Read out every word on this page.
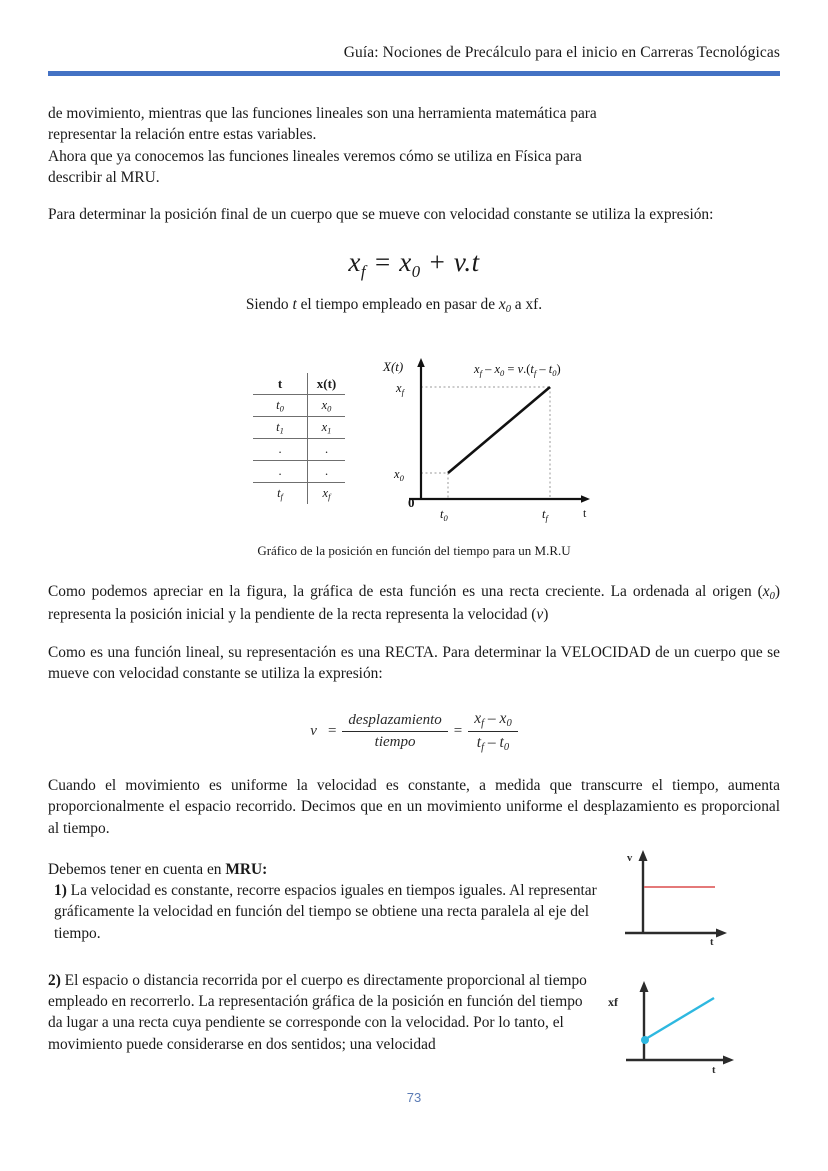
Guía: Nociones de Precálculo para el inicio en Carreras Tecnológicas

de movimiento, mientras que las funciones lineales son una herramienta matemática para
representar la relación entre estas variables.

Ahora que ya conocemos las funciones lineales veremos cómo se utiliza en Física para
describir al MRU.

Para determinar la posición final de un cuerpo que se mueve con velocidad constante se utiliza la expresión:

$x_f = x_0 + v.t$
Siendo t el tiempo empleado en pasar de $x_0$ a xf.
t	x(t)
$t_0$	$x_0$
$t_1$	$x_1$
.	.
.	.
$t_f$	$x_f$
X(t)
t
0
$x_f$
$x_0$
$t_0$	$t_f$
$x_f - x_0 = v.(t_f - t_0)$
Gráfico de la posición en función del tiempo para un M.R.U

Como podemos apreciar en la figura, la gráfica de esta función es una recta creciente. La ordenada al origen $(x_0)$ representa la posición inicial y la pendiente de la recta representa la velocidad (v)

Como es una función lineal, su representación es una RECTA. Para determinar la VELOCIDAD de un cuerpo que se mueve con velocidad constante se utiliza la expresión:

$v = \frac{\text{desplazamiento}}{\text{tiempo}} = \frac{x_f - x_0}{t_f - t_0}$

Cuando el movimiento es uniforme la velocidad es constante, a medida que transcurre el tiempo, aumenta proporcionalmente el espacio recorrido. Decimos que en un movimiento uniforme el desplazamiento es proporcional al tiempo.

v
t

Debemos tener en cuenta en MRU:

1) La velocidad es constante, recorre espacios iguales en tiempos iguales. Al representar gráficamente la velocidad en función del tiempo se obtiene una recta paralela al eje del tiempo.

xf
t

2) El espacio o distancia recorrida por el cuerpo es directamente proporcional al tiempo empleado en recorrerlo. La representación gráfica de la posición en función del tiempo da lugar a una recta cuya pendiente se corresponde con la velocidad. Por lo tanto, el movimiento puede considerarse en dos sentidos; una velocidad

73
